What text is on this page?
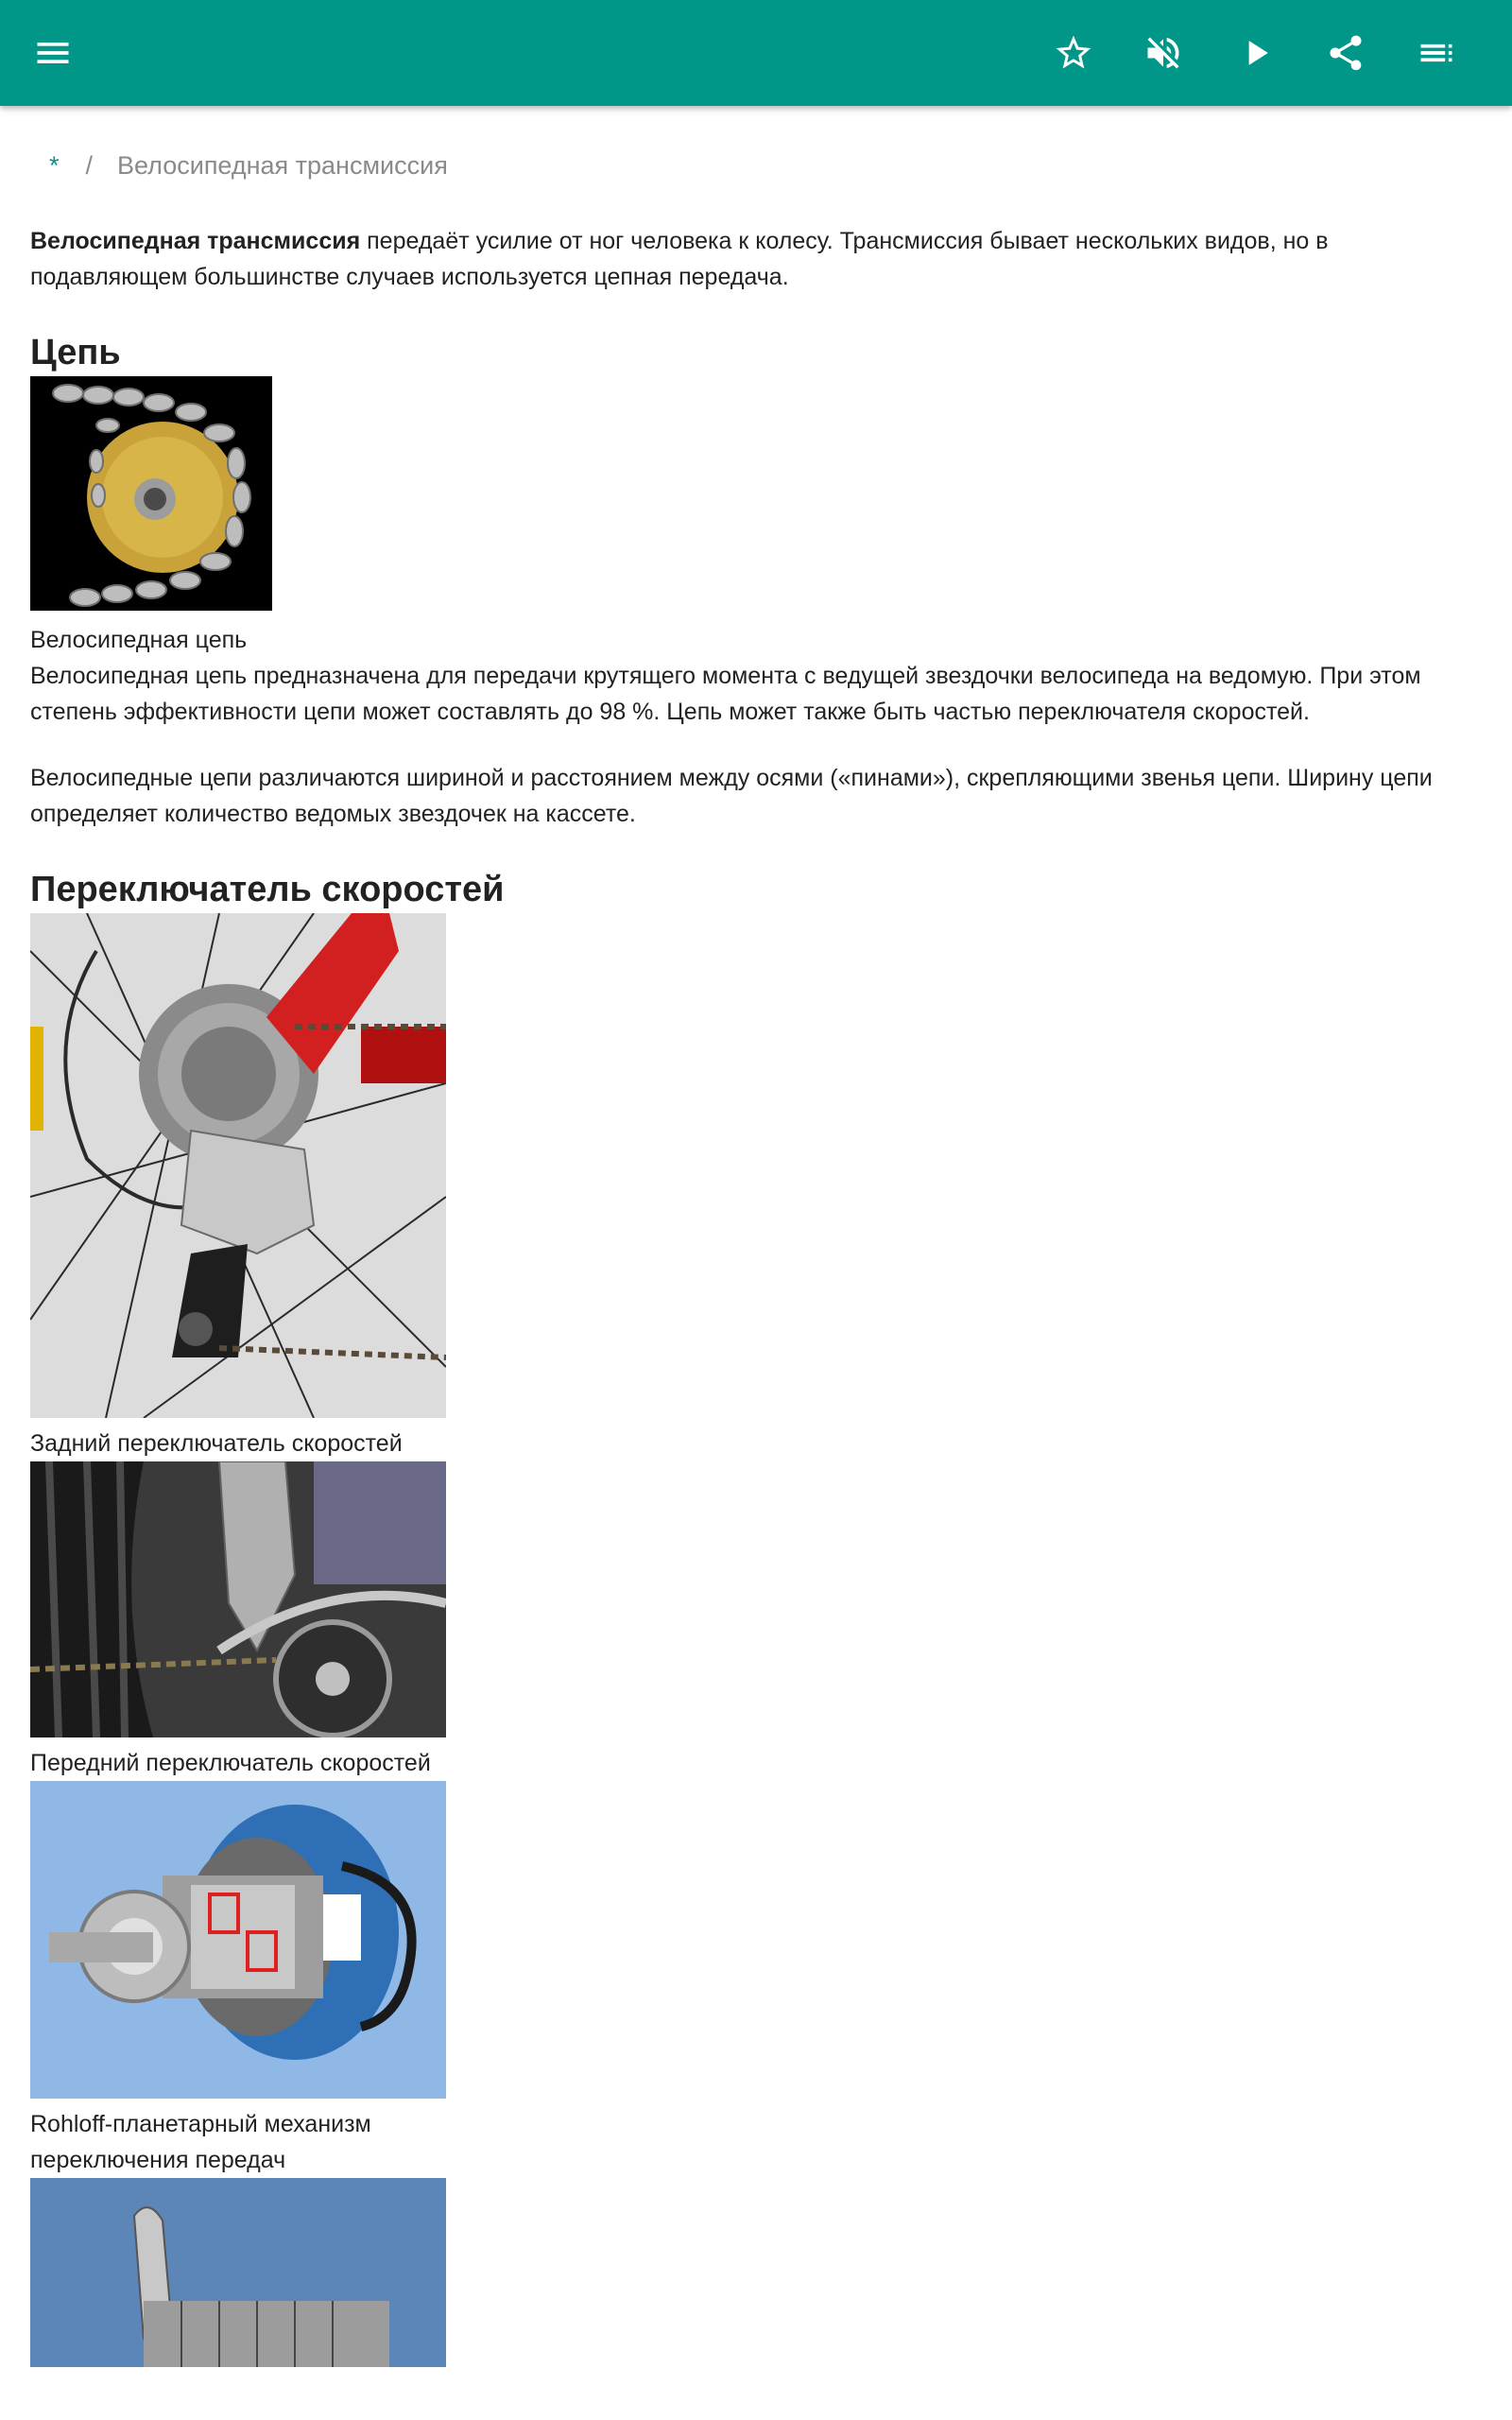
* / Велосипедная трансмиссия

Велосипедная трансмиссия передаёт усилие от ног человека к колесу. Трансмиссия бывает нескольких видов, но в подавляющем большинстве случаев используется цепная передача.

Цепь
Велосипедная цепь

Велосипедная цепь предназначена для передачи крутящего момента с ведущей звездочки велосипеда на ведомую. При этом степень эффективности цепи может составлять до 98 %. Цепь может также быть частью переключателя скоростей.

Велосипедные цепи различаются шириной и расстоянием между осями («пинами»), скрепляющими звенья цепи. Ширину цепи определяет количество ведомых звездочек на кассете.

Переключатель скоростей
Задний переключатель скоростей
Передний переключатель скоростей
Rohloff-планетарный механизм переключения передач
